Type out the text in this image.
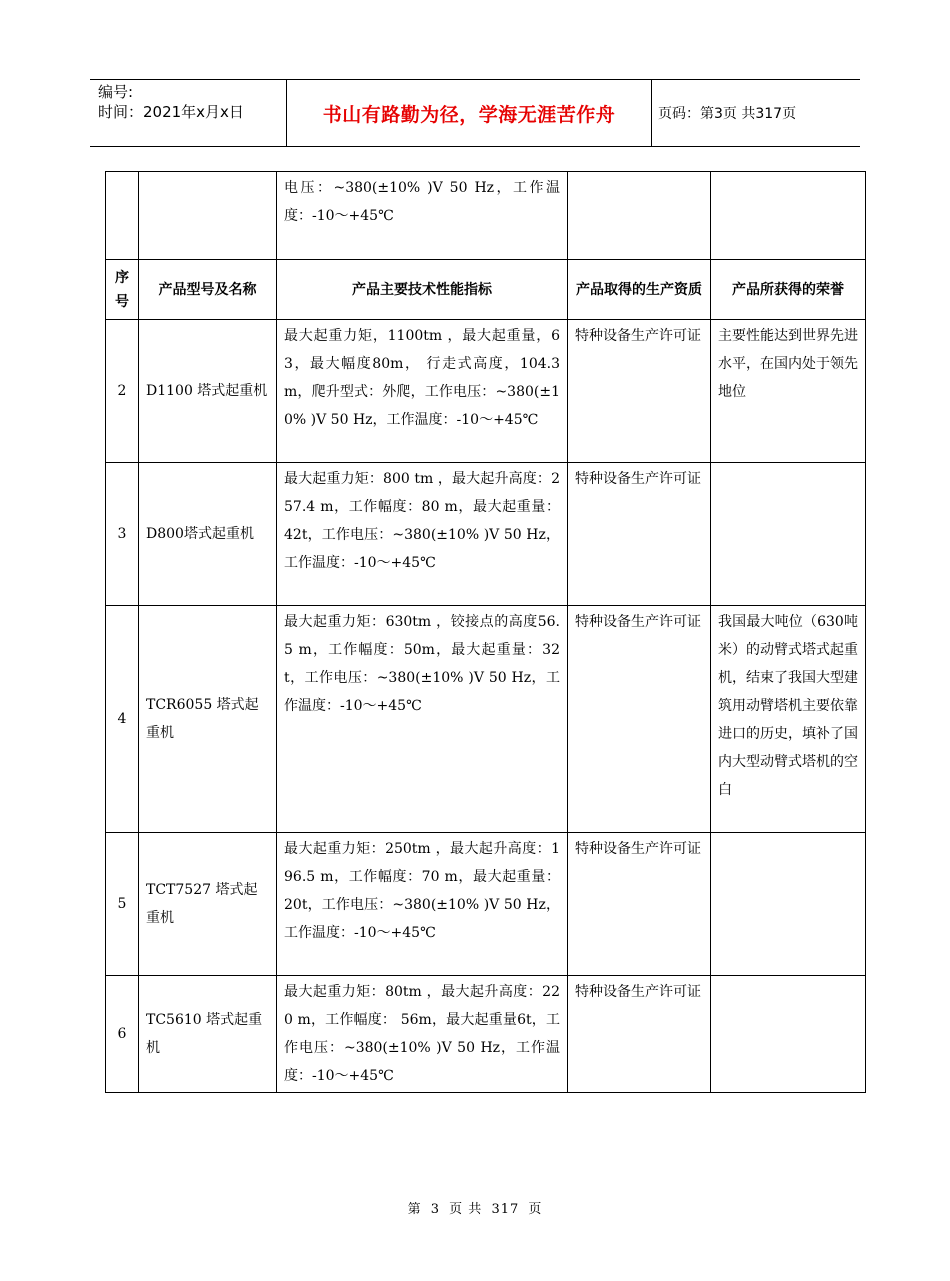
编号:
时间：2021年x月x日	书山有路勤为径，学海无涯苦作舟	页码：第3页 共317页
		电压：~380(±10% )V 50 Hz，工作温度：-10～+45℃		
序号	产品型号及名称	产品主要技术性能指标	产品取得的生产资质	产品所获得的荣誉
2	D1100 塔式起重机	最大起重力矩，1100tm ，最大起重量，63，最大幅度80m， 行走式高度，104.3m，爬升型式：外爬，工作电压：~380(±10% )V 50 Hz，工作温度：-10～+45℃	特种设备生产许可证	主要性能达到世界先进水平，在国内处于领先地位
3	D800塔式起重机	最大起重力矩：800 tm ，最大起升高度：257.4 m，工作幅度：80 m，最大起重量： 42t，工作电压：~380(±10% )V 50 Hz，工作温度：-10～+45℃	特种设备生产许可证	
4	TCR6055 塔式起重机	最大起重力矩：630tm ，铰接点的高度56.5 m，工作幅度：50m，最大起重量：32 t，工作电压：~380(±10% )V 50 Hz，工作温度：-10～+45℃	特种设备生产许可证	我国最大吨位（630吨米）的动臂式塔式起重机，结束了我国大型建筑用动臂塔机主要依靠进口的历史，填补了国内大型动臂式塔机的空白
5	TCT7527 塔式起重机	最大起重力矩：250tm ，最大起升高度：196.5 m，工作幅度：70 m，最大起重量： 20t，工作电压：~380(±10% )V 50 Hz，工作温度：-10～+45℃	特种设备生产许可证	
6	TC5610 塔式起重机	最大起重力矩：80tm ，最大起升高度：220 m，工作幅度： 56m，最大起重量6t，工作电压：~380(±10% )V 50 Hz，工作温度：-10～+45℃	特种设备生产许可证	
第 3 页 共 317 页
